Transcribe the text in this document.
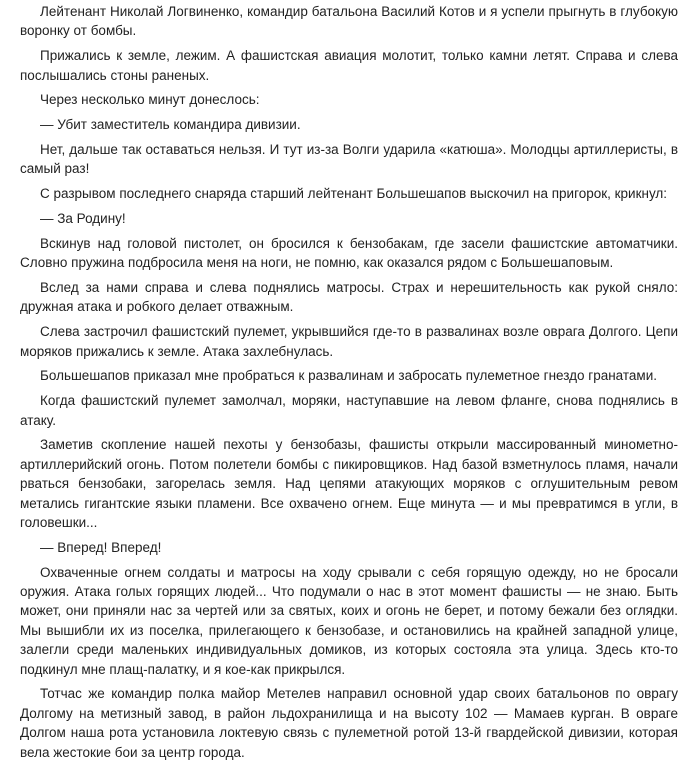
Лейтенант Николай Логвиненко, командир батальона Василий Котов и я успели прыгнуть в глубокую воронку от бомбы.

Прижались к земле, лежим. А фашистская авиация молотит, только камни летят. Справа и слева послышались стоны раненых.

Через несколько минут донеслось:

— Убит заместитель командира дивизии.

Нет, дальше так оставаться нельзя. И тут из-за Волги ударила «катюша». Молодцы артиллеристы, в самый раз!

С разрывом последнего снаряда старший лейтенант Большешапов выскочил на пригорок, крикнул:

— За Родину!

Вскинув над головой пистолет, он бросился к бензобакам, где засели фашистские автоматчики. Словно пружина подбросила меня на ноги, не помню, как оказался рядом с Большешаповым.

Вслед за нами справа и слева поднялись матросы. Страх и нерешительность как рукой сняло: дружная атака и робкого делает отважным.

Слева застрочил фашистский пулемет, укрывшийся где-то в развалинах возле оврага Долгого. Цепи моряков прижались к земле. Атака захлебнулась.

Большешапов приказал мне пробраться к развалинам и забросать пулеметное гнездо гранатами.

Когда фашистский пулемет замолчал, моряки, наступавшие на левом фланге, снова поднялись в атаку.

Заметив скопление нашей пехоты у бензобазы, фашисты открыли массированный минометно-артиллерийский огонь. Потом полетели бомбы с пикировщиков. Над базой взметнулось пламя, начали рваться бензобаки, загорелась земля. Над цепями атакующих моряков с оглушительным ревом метались гигантские языки пламени. Все охвачено огнем. Еще минута — и мы превратимся в угли, в головешки...

— Вперед! Вперед!

Охваченные огнем солдаты и матросы на ходу срывали с себя горящую одежду, но не бросали оружия. Атака голых горящих людей... Что подумали о нас в этот момент фашисты — не знаю. Быть может, они приняли нас за чертей или за святых, коих и огонь не берет, и потому бежали без оглядки. Мы вышибли их из поселка, прилегающего к бензобазе, и остановились на крайней западной улице, залегли среди маленьких индивидуальных домиков, из которых состояла эта улица. Здесь кто-то подкинул мне плащ-палатку, и я кое-как прикрылся.

Тотчас же командир полка майор Метелев направил основной удар своих батальонов по оврагу Долгому на метизный завод, в район льдохранилища и на высоту 102 — Мамаев курган. В овраге Долгом наша рота установила локтевую связь с пулеметной ротой 13-й гвардейской дивизии, которая вела жестокие бои за центр города.
